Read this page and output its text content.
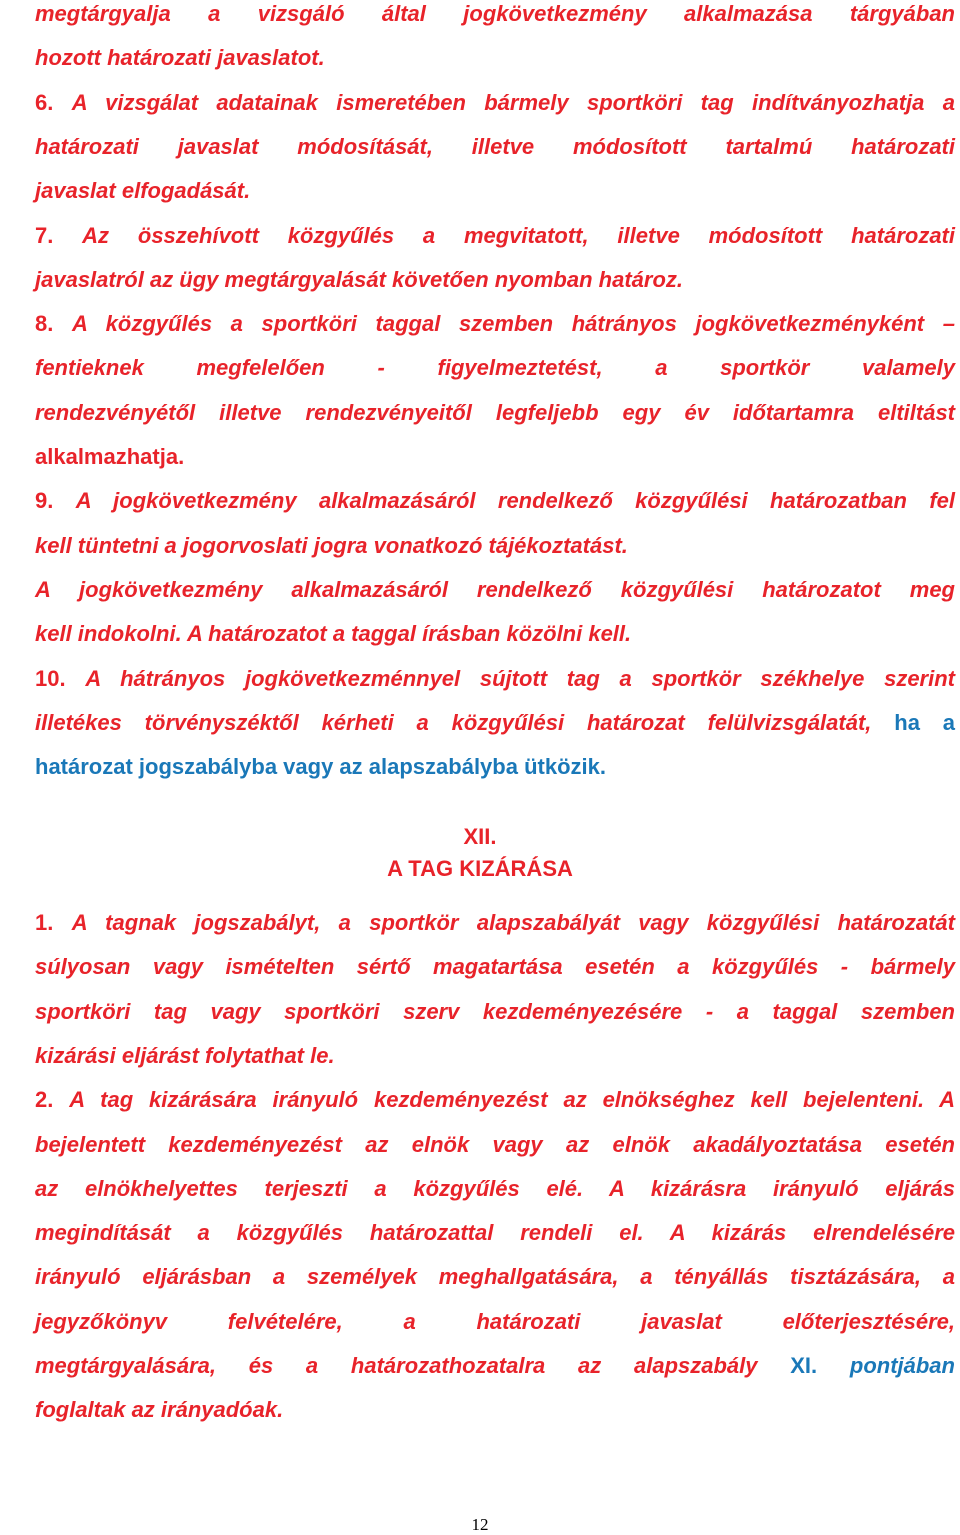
megtárgyalja a vizsgáló által jogkövetkezmény alkalmazása tárgyában
hozott határozati javaslatot.
6. A vizsgálat adatainak ismeretében bármely sportköri tag indítványozhatja a
határozati javaslat módosítását, illetve módosított tartalmú határozati
javaslat elfogadását.
7. Az összehívott közgyűlés a megvitatott, illetve módosított határozati
javaslatról az ügy megtárgyalását követően nyomban határoz.
8. A közgyűlés a sportköri taggal szemben hátrányos jogkövetkezményként –
fentieknek megfelelően - figyelmeztetést, a sportkör valamely
rendezvényétől illetve rendezvényeitől legfeljebb egy év időtartamra eltiltást
alkalmazhatja.
9. A jogkövetkezmény alkalmazásáról rendelkező közgyűlési határozatban fel
kell tüntetni a jogorvoslati jogra vonatkozó tájékoztatást.
A jogkövetkezmény alkalmazásáról rendelkező közgyűlési határozatot meg
kell indokolni. A határozatot a taggal írásban közölni kell.
10. A hátrányos jogkövetkezménnyel sújtott tag a sportkör székhelye szerint
illetékes törvényszéktől kérheti a közgyűlési határozat felülvizsgálatát, ha a
határozat jogszabályba vagy az alapszabályba ütközik.
XII.
A TAG KIZÁRÁSA
1. A tagnak jogszabályt, a sportkör alapszabályát vagy közgyűlési határozatát
súlyosan vagy ismételten sértő magatartása esetén a közgyűlés - bármely
sportköri tag vagy sportköri szerv kezdeményezésére - a taggal szemben
kizárási eljárást folytathat le.
2. A tag kizárására irányuló kezdeményezést az elnökséghez kell bejelenteni. A
bejelentett kezdeményezést az elnök vagy az elnök akadályoztatása esetén
az elnökhelyettes terjeszti a közgyűlés elé. A kizárásra irányuló eljárás
megindítását a közgyűlés határozattal rendeli el. A kizárás elrendelésére
irányuló eljárásban a személyek meghallgatására, a tényállás tisztázására, a
jegyzőkönyv felvételére, a határozati javaslat előterjesztésére,
megtárgyalására, és a határozathozatalra az alapszabály XI. pontjában
foglaltak az irányadóak.
12
